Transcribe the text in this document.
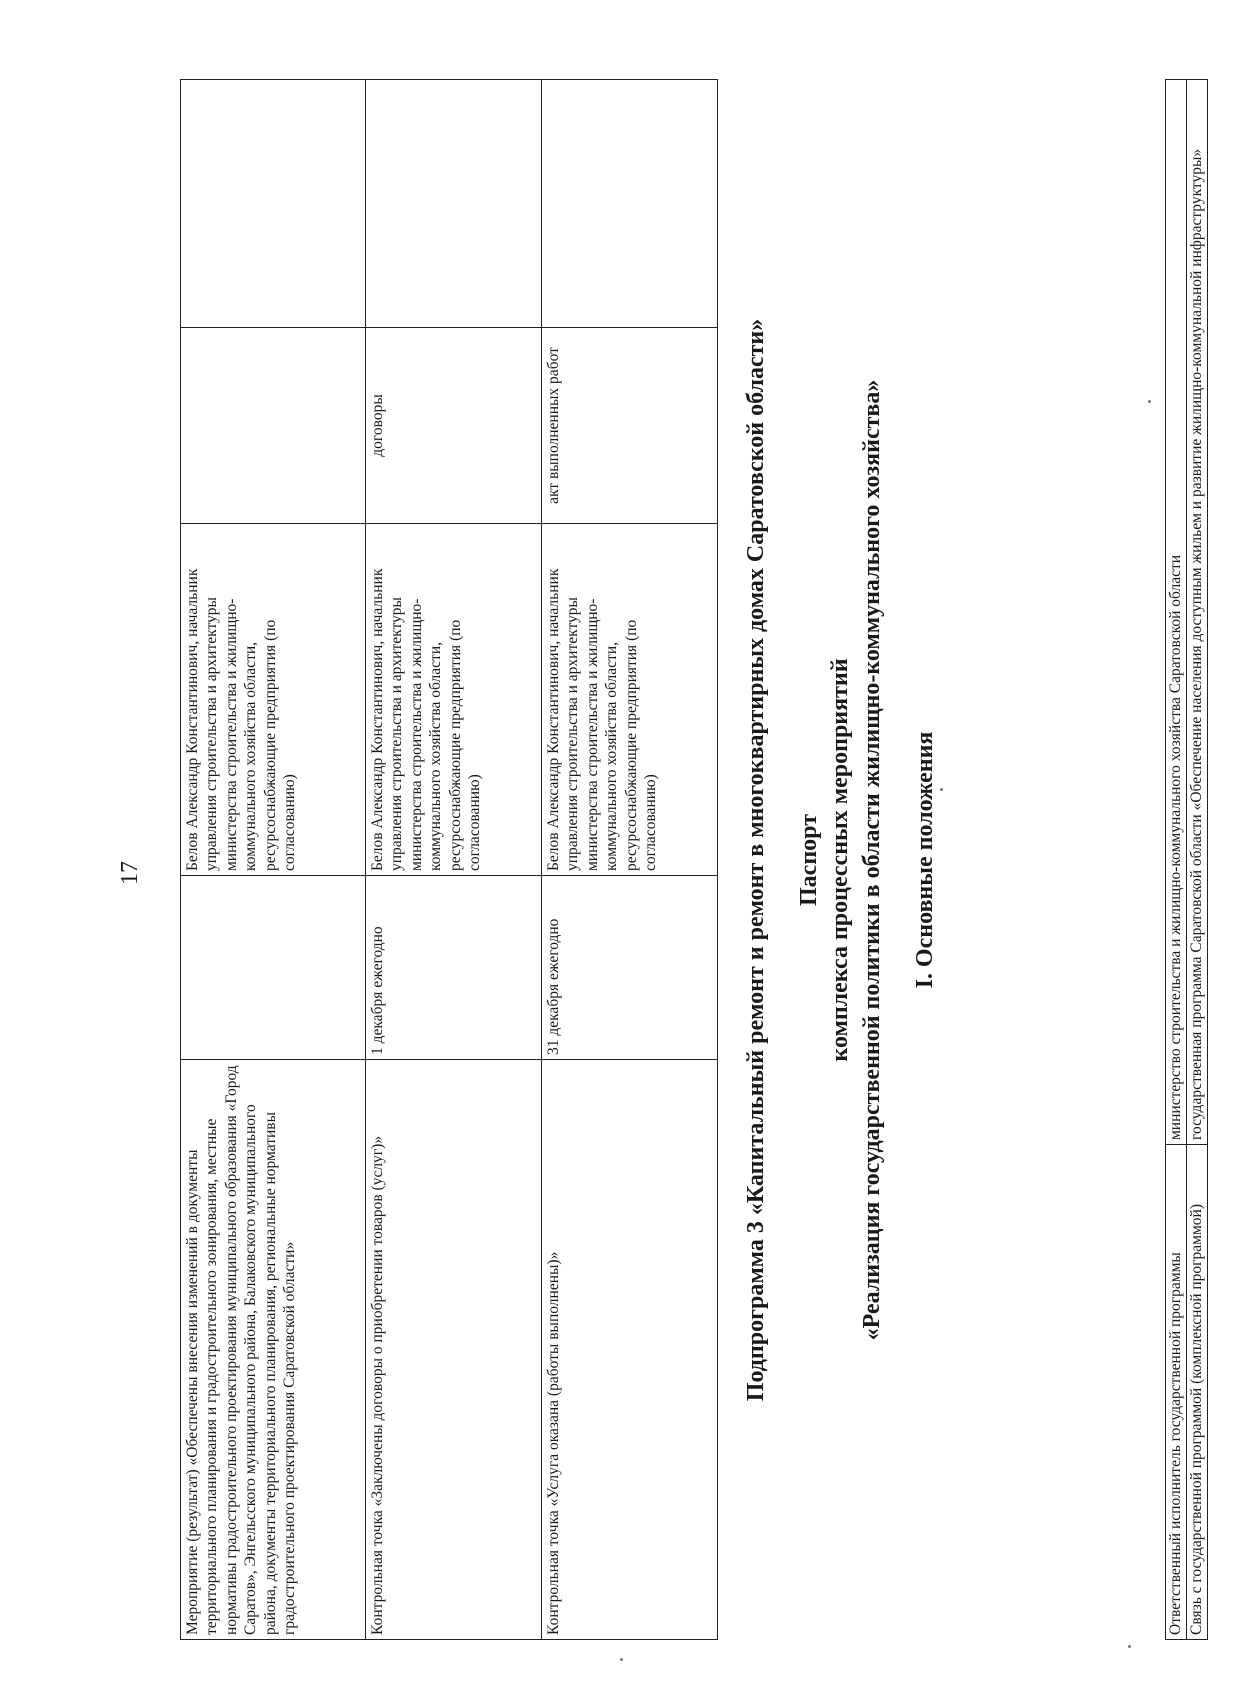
17
Мероприятие (результат) «Обеспечены внесения изменений в документы территориального планирования и градостроительного зонирования, местные нормативы градостроительного проектирования муниципального образования «Город Саратов», Энгельсского муниципального района, Балаковского муниципального района, документы территориального планирования, региональные нормативы градостроительного проектирования Саратовской области»		Белов Александр Константинович, начальник управления строительства и архитектуры министерства строительства и жилищно-коммунального хозяйства области, ресурсоснабжающие предприятия (по согласованию)		
Контрольная точка «Заключены договоры о приобретении товаров (услуг)»	1 декабря ежегодно	Белов Александр Константинович, начальник управления строительства и архитектуры министерства строительства и жилищно-коммунального хозяйства области, ресурсоснабжающие предприятия (по согласованию)	договоры	
Контрольная точка «Услуга оказана (работы выполнены)»	31 декабря ежегодно	Белов Александр Константинович, начальник управления строительства и архитектуры министерства строительства и жилищно-коммунального хозяйства области, ресурсоснабжающие предприятия (по согласованию)	акт выполненных работ		Подпрограмма 3 «Капитальный ремонт и ремонт в многоквартирных домах Саратовской области» Паспорт комплекса процессных мероприятий «Реализация государственной политики в области жилищно-коммунального хозяйства» I. Основные положения
Ответственный исполнитель государственной программы	министерство строительства и жилищно-коммунального хозяйства Саратовской области
Связь с государственной программой (комплексной программой)	государственная программа Саратовской области «Обеспечение населения доступным жильем и развитие жилищно-коммунальной инфраструктуры»
